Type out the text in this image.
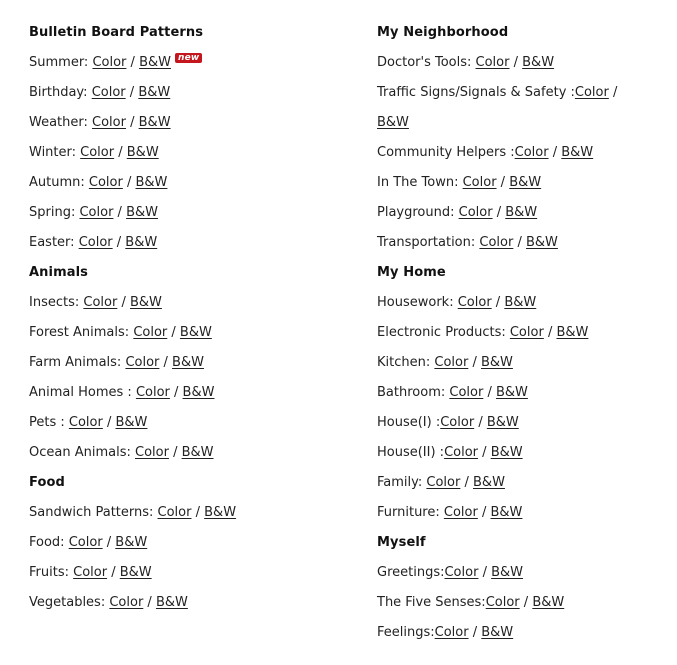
Bulletin Board Patterns
Summer: Color / B&W new
Birthday: Color / B&W
Weather: Color / B&W
Winter: Color / B&W
Autumn: Color / B&W
Spring: Color / B&W
Easter: Color / B&W
Animals
Insects: Color / B&W
Forest Animals: Color / B&W
Farm Animals: Color / B&W
Animal Homes : Color / B&W
Pets : Color / B&W
Ocean Animals: Color / B&W
Food
Sandwich Patterns: Color / B&W
Food: Color / B&W
Fruits: Color / B&W
Vegetables: Color / B&W
My Neighborhood
Doctor's Tools: Color / B&W
Traffic Signs/Signals & Safety :Color /
B&W
Community Helpers :Color / B&W
In The Town: Color / B&W
Playground: Color / B&W
Transportation: Color / B&W
My Home
Housework: Color / B&W
Electronic Products: Color / B&W
Kitchen: Color / B&W
Bathroom: Color / B&W
House(I) :Color / B&W
House(II) :Color / B&W
Family: Color / B&W
Furniture: Color / B&W
Myself
Greetings:Color / B&W
The Five Senses:Color / B&W
Feelings:Color / B&W
